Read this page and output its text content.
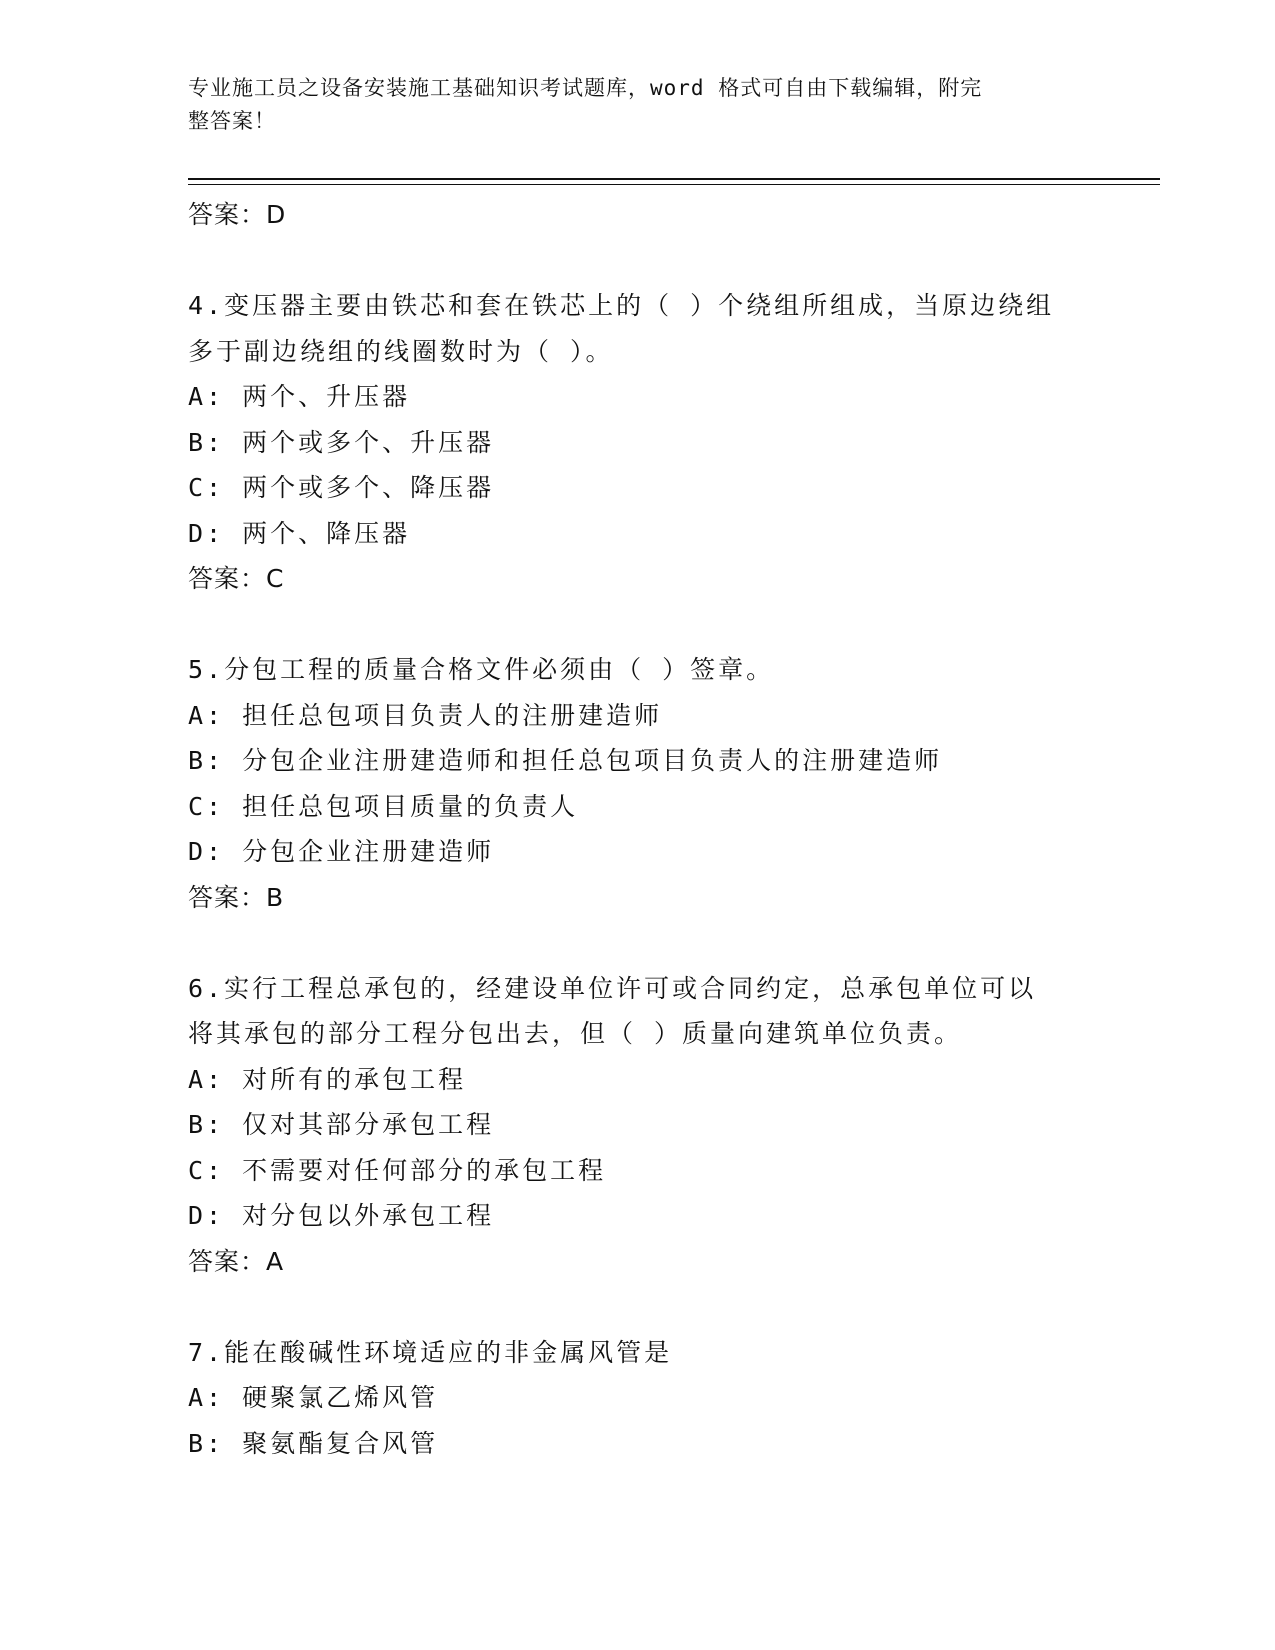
专业施工员之设备安装施工基础知识考试题库，word 格式可自由下载编辑，附完
整答案！
答案：D
4.变压器主要由铁芯和套在铁芯上的（ ）个绕组所组成，当原边绕组
多于副边绕组的线圈数时为（ ）。
A: 两个、升压器
B: 两个或多个、升压器
C: 两个或多个、降压器
D: 两个、降压器
答案：C
5.分包工程的质量合格文件必须由（ ）签章。
A: 担任总包项目负责人的注册建造师
B: 分包企业注册建造师和担任总包项目负责人的注册建造师
C: 担任总包项目质量的负责人
D: 分包企业注册建造师
答案：B
6.实行工程总承包的，经建设单位许可或合同约定，总承包单位可以
将其承包的部分工程分包出去，但（ ）质量向建筑单位负责。
A: 对所有的承包工程
B: 仅对其部分承包工程
C: 不需要对任何部分的承包工程
D: 对分包以外承包工程
答案：A
7.能在酸碱性环境适应的非金属风管是
A: 硬聚氯乙烯风管
B: 聚氨酯复合风管
